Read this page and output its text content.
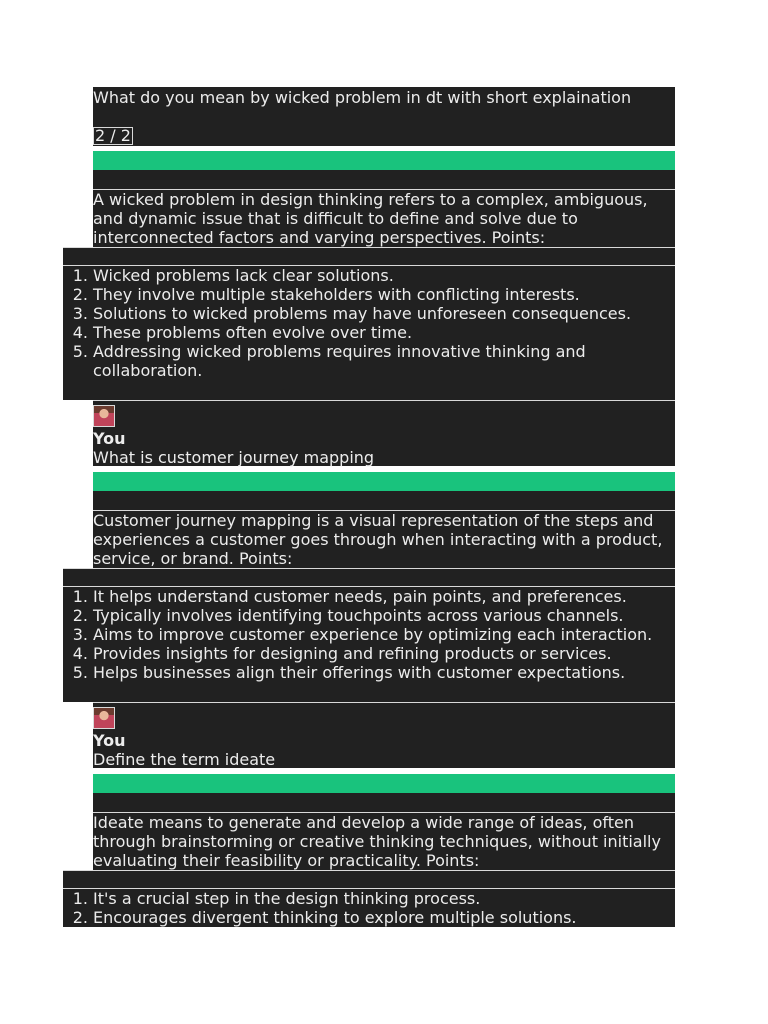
What do you mean by wicked problem in dt with short explaination
2 / 2
A wicked problem in design thinking refers to a complex, ambiguous, and dynamic issue that is difficult to define and solve due to interconnected factors and varying perspectives. Points:
1. Wicked problems lack clear solutions.
2. They involve multiple stakeholders with conflicting interests.
3. Solutions to wicked problems may have unforeseen consequences.
4. These problems often evolve over time.
5. Addressing wicked problems requires innovative thinking and collaboration.
You
What is customer journey mapping
Customer journey mapping is a visual representation of the steps and experiences a customer goes through when interacting with a product, service, or brand. Points:
1. It helps understand customer needs, pain points, and preferences.
2. Typically involves identifying touchpoints across various channels.
3. Aims to improve customer experience by optimizing each interaction.
4. Provides insights for designing and refining products or services.
5. Helps businesses align their offerings with customer expectations.
You
Define the term ideate
Ideate means to generate and develop a wide range of ideas, often through brainstorming or creative thinking techniques, without initially evaluating their feasibility or practicality. Points:
1. It's a crucial step in the design thinking process.
2. Encourages divergent thinking to explore multiple solutions.
